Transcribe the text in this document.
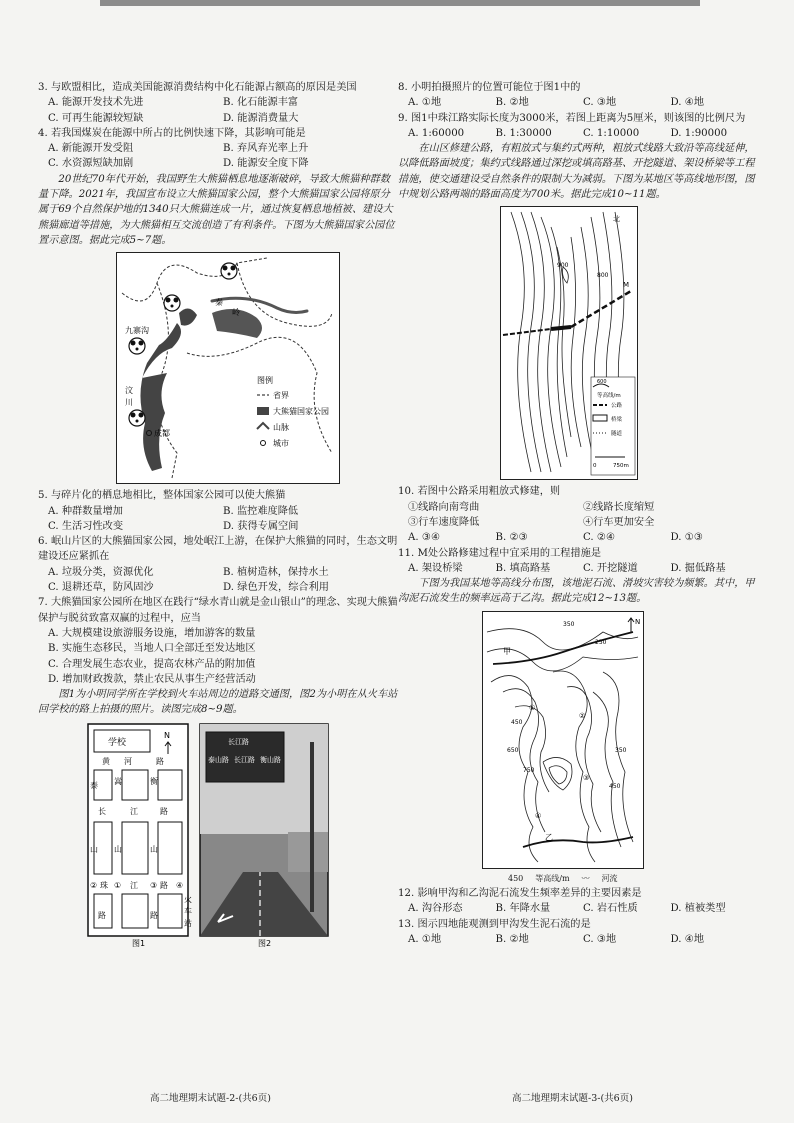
3. 与欧盟相比，造成美国能源消费结构中化石能源占额高的原因是美国

A. 能源开发技术先进	B. 化石能源丰富
C. 可再生能源较短缺	D. 能源消费量大

4. 若我国煤炭在能源中所占的比例快速下降，其影响可能是

A. 新能源开发受阻	B. 弃风弃光率上升
C. 水资源短缺加剧	D. 能源安全度下降

20世纪70年代开始，我国野生大熊猫栖息地逐渐破碎，导致大熊猫种群数量下降。2021年，我国宣布设立大熊猫国家公园，整个大熊猫国家公园将原分属于69个自然保护地的1340只大熊猫连成一片，通过恢复栖息地植被、建设大熊猫廊道等措施，为大熊猫相互交流创造了有利条件。下图为大熊猫国家公园位置示意图。据此完成5~7题。

九寨沟
秦
岭
汶
川
成都
图例
省界
大熊猫国家公园
山脉
城市

5. 与碎片化的栖息地相比，整体国家公园可以使大熊猫

A. 种群数量增加	B. 监控难度降低
C. 生活习性改变	D. 获得专属空间

6. 岷山片区的大熊猫国家公园，地处岷江上游，在保护大熊猫的同时，生态文明建设还应紧抓在

A. 垃圾分类，资源优化	B. 植树造林，保持水土
C. 退耕还草，防风固沙	D. 绿色开发，综合利用

7. 大熊猫国家公园所在地区在践行“绿水青山就是金山银山”的理念、实现大熊猫保护与脱贫致富双赢的过程中，应当

A. 大规模建设旅游服务设施，增加游客的数量
B. 实施生态移民，当地人口全部迁至发达地区
C. 合理发展生态农业，提高农林产品的附加值
D. 增加财政拨款，禁止农民从事生产经营活动

图1为小明同学所在学校到火车站周边的道路交通图，图2为小明在从火车站回学校的路上拍摄的照片。读图完成8~9题。

学校
N
黄 河	路
泰 嵩	衡
长	江	路
山 山	山
② 珠 ① 江 ③ 路 ④
路	路
火
车
站
图1
长江路
泰山路 长江路 衡山路
图2
高二地理期末试题-2-(共6页)

8. 小明拍摄照片的位置可能位于图1中的

A. ①地	B. ②地	C. ③地	D. ④地

9. 图1中珠江路实际长度为3000米，若图上距离为5厘米，则该图的比例尺为

A. 1:60000	B. 1:30000	C. 1:10000	D. 1:90000

在山区修建公路，有粗放式与集约式两种，粗放式线路大致沿等高线延伸，以降低路面坡度；集约式线路通过深挖或填高路基、开挖隧道、架设桥梁等工程措施，使交通建设受自然条件的限制大为减弱。下图为某地区等高线地形图，图中规划公路两端的路面高度为700米。据此完成10~11题。

北
900
800
M
600
等高线/m
公路
桥梁
隧道
0	750m

10. 若图中公路采用粗放式修建，则

①线路向南弯曲	②线路长度缩短
③行车速度降低	④行车更加安全
A. ③④	B. ②③	C. ②④	D. ①③

11. M处公路修建过程中宜采用的工程措施是

A. 架设桥梁	B. 填高路基	C. 开挖隧道	D. 掘低路基

下图为我国某地等高线分布图，该地泥石流、滑坡灾害较为频繁。其中，甲沟泥石流发生的频率远高于乙沟。据此完成12~13题。

N
350
250
450
650
750
350
450
甲
乙
①
②
③
④
450 等高线/m 〰 河流

12. 影响甲沟和乙沟泥石流发生频率差异的主要因素是

A. 沟谷形态	B. 年降水量	C. 岩石性质	D. 植被类型

13. 图示四地能观测到甲沟发生泥石流的是

A. ①地	B. ②地	C. ③地	D. ④地
高二地理期末试题-3-(共6页)
